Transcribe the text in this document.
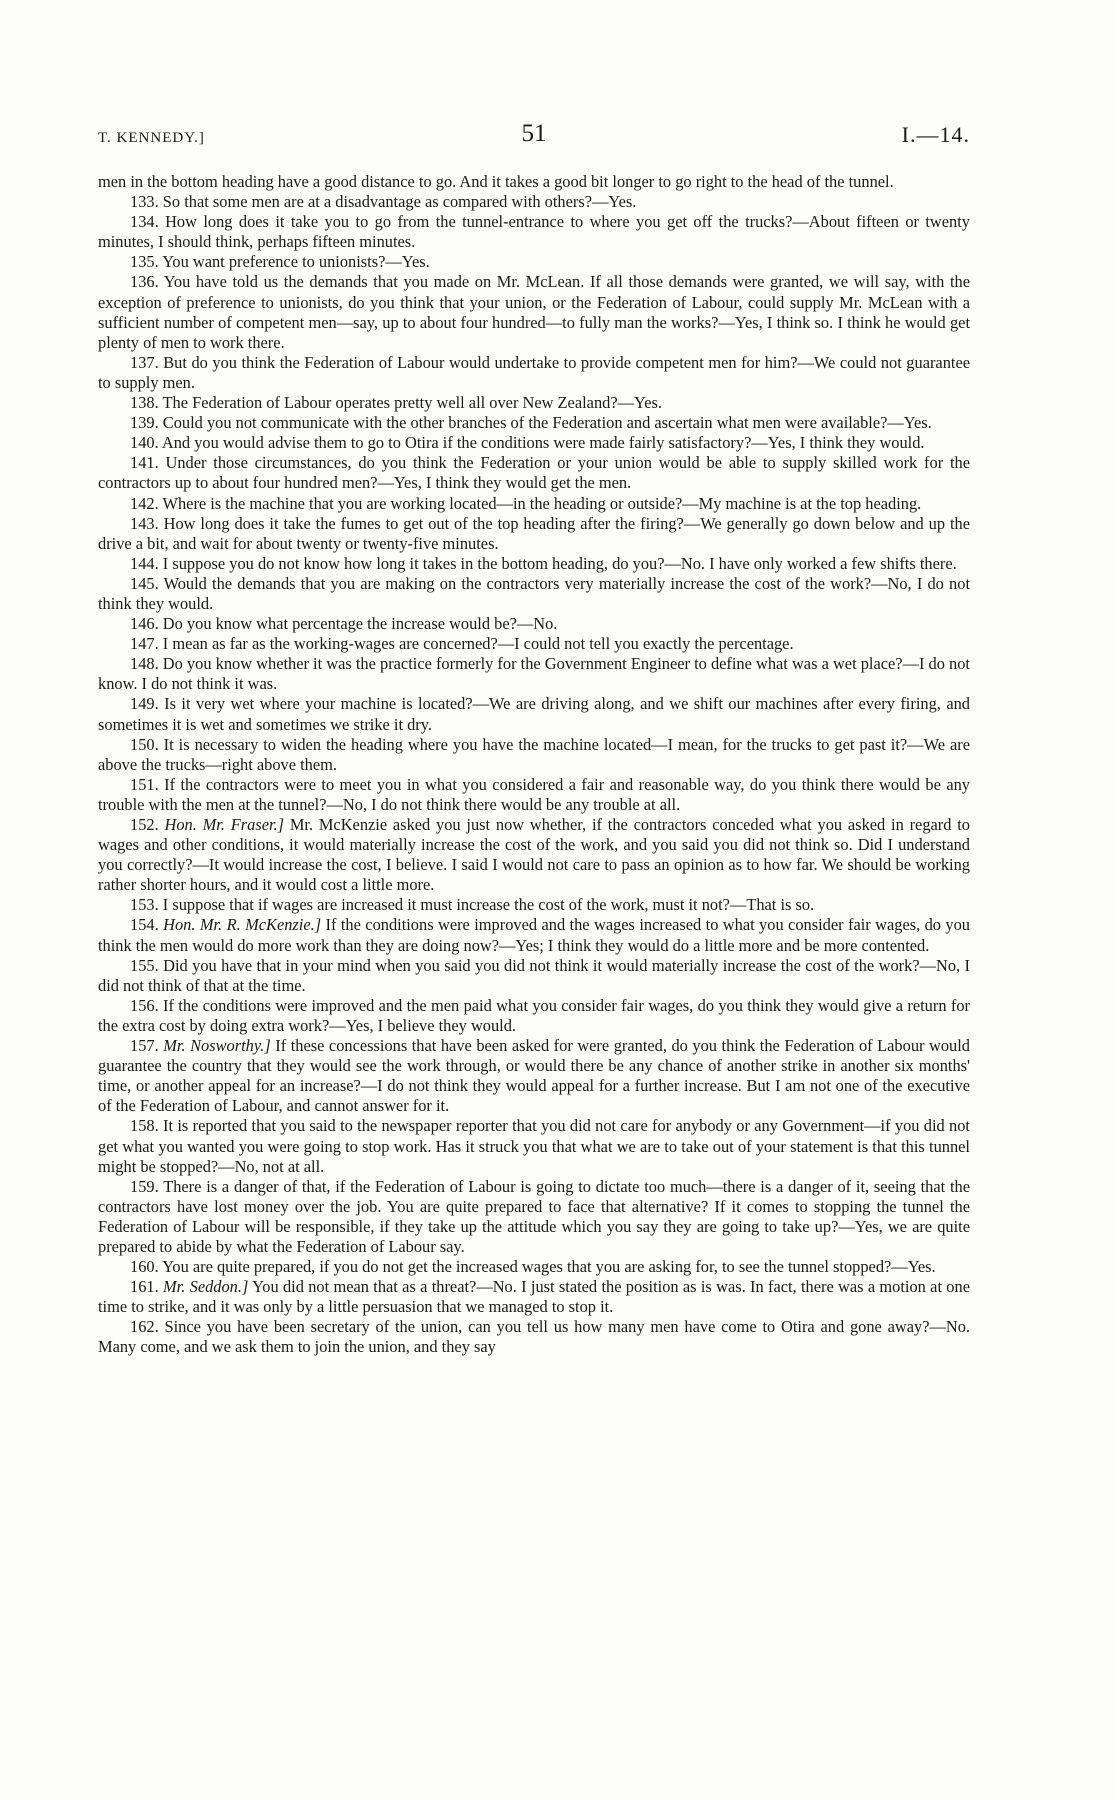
T. KENNEDY.]	51	I.—14.

men in the bottom heading have a good distance to go. And it takes a good bit longer to go right to the head of the tunnel.

133. So that some men are at a disadvantage as compared with others?—Yes.

134. How long does it take you to go from the tunnel-entrance to where you get off the trucks?—About fifteen or twenty minutes, I should think, perhaps fifteen minutes.

135. You want preference to unionists?—Yes.

136. You have told us the demands that you made on Mr. McLean. If all those demands were granted, we will say, with the exception of preference to unionists, do you think that your union, or the Federation of Labour, could supply Mr. McLean with a sufficient number of competent men—say, up to about four hundred—to fully man the works?—Yes, I think so. I think he would get plenty of men to work there.

137. But do you think the Federation of Labour would undertake to provide competent men for him?—We could not guarantee to supply men.

138. The Federation of Labour operates pretty well all over New Zealand?—Yes.

139. Could you not communicate with the other branches of the Federation and ascertain what men were available?—Yes.

140. And you would advise them to go to Otira if the conditions were made fairly satisfactory?—Yes, I think they would.

141. Under those circumstances, do you think the Federation or your union would be able to supply skilled work for the contractors up to about four hundred men?—Yes, I think they would get the men.

142. Where is the machine that you are working located—in the heading or outside?—My machine is at the top heading.

143. How long does it take the fumes to get out of the top heading after the firing?—We generally go down below and up the drive a bit, and wait for about twenty or twenty-five minutes.

144. I suppose you do not know how long it takes in the bottom heading, do you?—No. I have only worked a few shifts there.

145. Would the demands that you are making on the contractors very materially increase the cost of the work?—No, I do not think they would.

146. Do you know what percentage the increase would be?—No.

147. I mean as far as the working-wages are concerned?—I could not tell you exactly the percentage.

148. Do you know whether it was the practice formerly for the Government Engineer to define what was a wet place?—I do not know. I do not think it was.

149. Is it very wet where your machine is located?—We are driving along, and we shift our machines after every firing, and sometimes it is wet and sometimes we strike it dry.

150. It is necessary to widen the heading where you have the machine located—I mean, for the trucks to get past it?—We are above the trucks—right above them.

151. If the contractors were to meet you in what you considered a fair and reasonable way, do you think there would be any trouble with the men at the tunnel?—No, I do not think there would be any trouble at all.

152. Hon. Mr. Fraser.] Mr. McKenzie asked you just now whether, if the contractors conceded what you asked in regard to wages and other conditions, it would materially increase the cost of the work, and you said you did not think so. Did I understand you correctly?—It would increase the cost, I believe. I said I would not care to pass an opinion as to how far. We should be working rather shorter hours, and it would cost a little more.

153. I suppose that if wages are increased it must increase the cost of the work, must it not?—That is so.

154. Hon. Mr. R. McKenzie.] If the conditions were improved and the wages increased to what you consider fair wages, do you think the men would do more work than they are doing now?—Yes; I think they would do a little more and be more contented.

155. Did you have that in your mind when you said you did not think it would materially increase the cost of the work?—No, I did not think of that at the time.

156. If the conditions were improved and the men paid what you consider fair wages, do you think they would give a return for the extra cost by doing extra work?—Yes, I believe they would.

157. Mr. Nosworthy.] If these concessions that have been asked for were granted, do you think the Federation of Labour would guarantee the country that they would see the work through, or would there be any chance of another strike in another six months' time, or another appeal for an increase?—I do not think they would appeal for a further increase. But I am not one of the executive of the Federation of Labour, and cannot answer for it.

158. It is reported that you said to the newspaper reporter that you did not care for anybody or any Government—if you did not get what you wanted you were going to stop work. Has it struck you that what we are to take out of your statement is that this tunnel might be stopped?—No, not at all.

159. There is a danger of that, if the Federation of Labour is going to dictate too much—there is a danger of it, seeing that the contractors have lost money over the job. You are quite prepared to face that alternative? If it comes to stopping the tunnel the Federation of Labour will be responsible, if they take up the attitude which you say they are going to take up?—Yes, we are quite prepared to abide by what the Federation of Labour say.

160. You are quite prepared, if you do not get the increased wages that you are asking for, to see the tunnel stopped?—Yes.

161. Mr. Seddon.] You did not mean that as a threat?—No. I just stated the position as is was. In fact, there was a motion at one time to strike, and it was only by a little persuasion that we managed to stop it.

162. Since you have been secretary of the union, can you tell us how many men have come to Otira and gone away?—No. Many come, and we ask them to join the union, and they say
